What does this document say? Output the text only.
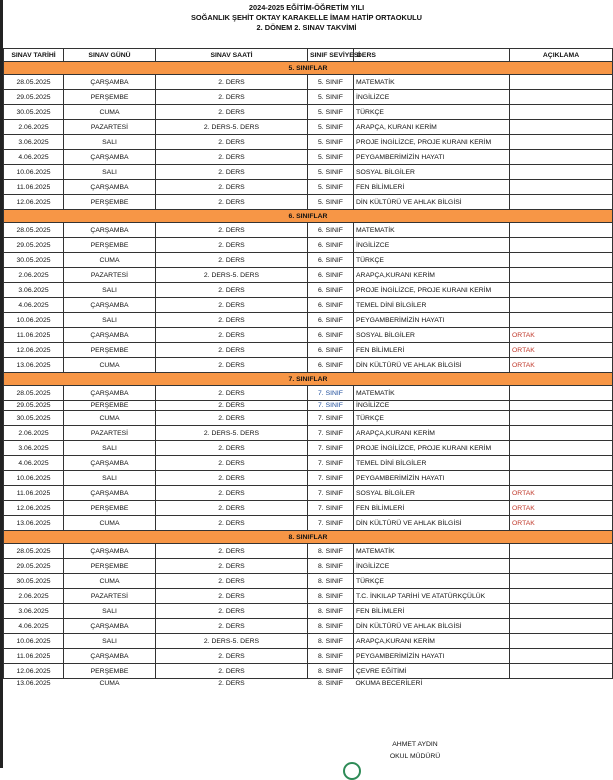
2024-2025 EĞİTİM-ÖĞRETİM YILI
SOĞANLIK ŞEHİT OKTAY KARAKELLE İMAM HATİP ORTAOKULU
2. DÖNEM 2. SINAV TAKVİMİ
SINAV TARİHİ	SINAV GÜNÜ	SINAV SAATİ	SINIF SEVİYESİ	DERS	AÇIKLAMA
5. SINIFLAR					
28.05.2025	ÇARŞAMBA	2. DERS	5. SINIF	MATEMATİK	
29.05.2025	PERŞEMBE	2. DERS	5. SINIF	İNGİLİZCE	
30.05.2025	CUMA	2. DERS	5. SINIF	TÜRKÇE	
2.06.2025	PAZARTESİ	2. DERS-5. DERS	5. SINIF	ARAPÇA, KURANI KERİM	
3.06.2025	SALI	2. DERS	5. SINIF	PROJE İNGİLİZCE, PROJE KURANI KERİM	
4.06.2025	ÇARŞAMBA	2. DERS	5. SINIF	PEYGAMBERİMİZİN HAYATI	
10.06.2025	SALI	2. DERS	5. SINIF	SOSYAL BİLGİLER	
11.06.2025	ÇARŞAMBA	2. DERS	5. SINIF	FEN BİLİMLERİ	
12.06.2025	PERŞEMBE	2. DERS	5. SINIF	DİN KÜLTÜRÜ VE AHLAK BİLGİSİ	
6. SINIFLAR					
28.05.2025	ÇARŞAMBA	2. DERS	6. SINIF	MATEMATİK	
29.05.2025	PERŞEMBE	2. DERS	6. SINIF	İNGİLİZCE	
30.05.2025	CUMA	2. DERS	6. SINIF	TÜRKÇE	
2.06.2025	PAZARTESİ	2. DERS-5. DERS	6. SINIF	ARAPÇA,KURANI KERİM	
3.06.2025	SALI	2. DERS	6. SINIF	PROJE İNGİLİZCE, PROJE KURANI KERİM	
4.06.2025	ÇARŞAMBA	2. DERS	6. SINIF	TEMEL DİNİ BİLGİLER	
10.06.2025	SALI	2. DERS	6. SINIF	PEYGAMBERİMİZİN HAYATI	
11.06.2025	ÇARŞAMBA	2. DERS	6. SINIF	SOSYAL BİLGİLER	ORTAK
12.06.2025	PERŞEMBE	2. DERS	6. SINIF	FEN BİLİMLERİ	ORTAK
13.06.2025	CUMA	2. DERS	6. SINIF	DİN KÜLTÜRÜ VE AHLAK BİLGİSİ	ORTAK
7. SINIFLAR					
28.05.2025	ÇARŞAMBA	2. DERS	7. SINIF	MATEMATİK	
29.05.2025	PERŞEMBE	2. DERS	7. SINIF	İNGİLİZCE	
30.05.2025	CUMA	2. DERS	7. SINIF	TÜRKÇE	
2.06.2025	PAZARTESİ	2. DERS-5. DERS	7. SINIF	ARAPÇA,KURANI KERİM	
3.06.2025	SALI	2. DERS	7. SINIF	PROJE İNGİLİZCE, PROJE KURANI KERİM	
4.06.2025	ÇARŞAMBA	2. DERS	7. SINIF	TEMEL DİNİ BİLGİLER	
10.06.2025	SALI	2. DERS	7. SINIF	PEYGAMBERİMİZİN HAYATI	
11.06.2025	ÇARŞAMBA	2. DERS	7. SINIF	SOSYAL BİLGİLER	ORTAK
12.06.2025	PERŞEMBE	2. DERS	7. SINIF	FEN BİLİMLERİ	ORTAK
13.06.2025	CUMA	2. DERS	7. SINIF	DİN KÜLTÜRÜ VE AHLAK BİLGİSİ	ORTAK
8. SINIFLAR					
28.05.2025	ÇARŞAMBA	2. DERS	8. SINIF	MATEMATİK	
29.05.2025	PERŞEMBE	2. DERS	8. SINIF	İNGİLİZCE	
30.05.2025	CUMA	2. DERS	8. SINIF	TÜRKÇE	
2.06.2025	PAZARTESİ	2. DERS	8. SINIF	T.C. İNKILAP TARİHİ VE ATATÜRKÇÜLÜK	
3.06.2025	SALI	2. DERS	8. SINIF	FEN BİLİMLERİ	
4.06.2025	ÇARŞAMBA	2. DERS	8. SINIF	DİN KÜLTÜRÜ VE AHLAK BİLGİSİ	
10.06.2025	SALI	2. DERS-5. DERS	8. SINIF	ARAPÇA,KURANI KERİM	
11.06.2025	ÇARŞAMBA	2. DERS	8. SINIF	PEYGAMBERİMİZİN HAYATI	
12.06.2025	PERŞEMBE	2. DERS	8. SINIF	ÇEVRE EĞİTİMİ	
13.06.2025	CUMA	2. DERS	8. SINIF	OKUMA BECERİLERİ	
AHMET AYDIN
OKUL MÜDÜRÜ
